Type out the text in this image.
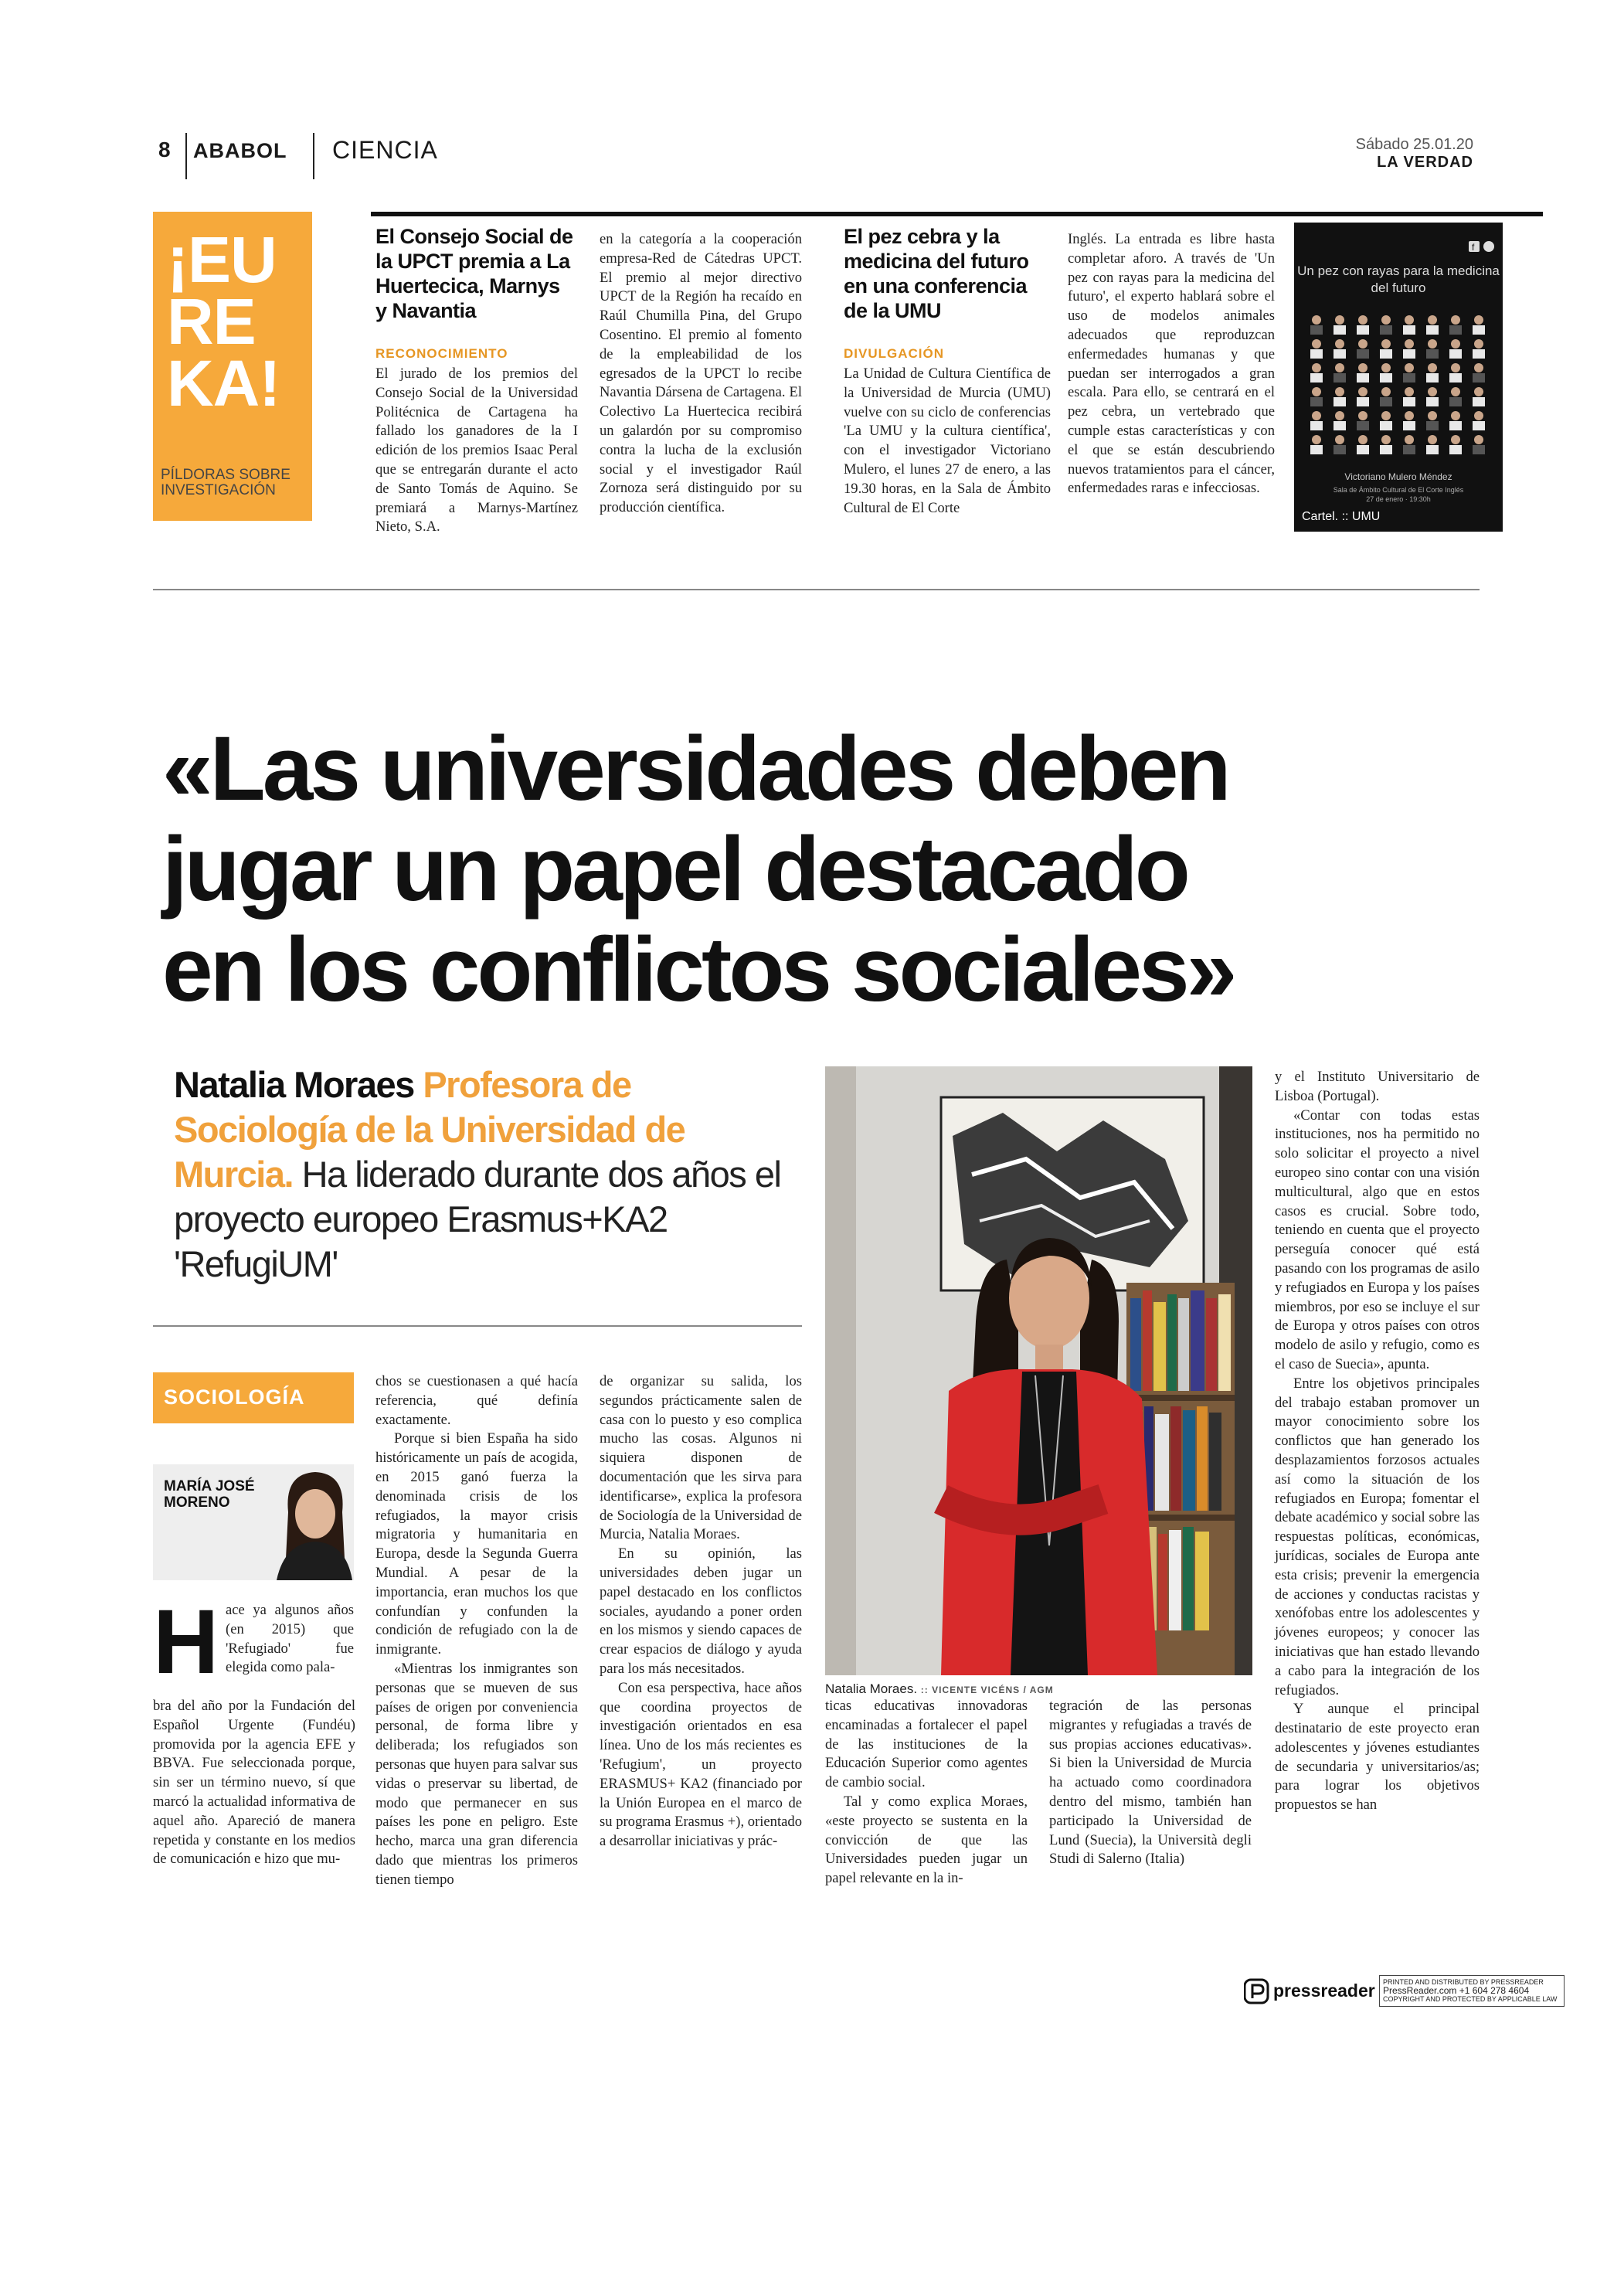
8 ABABOL CIENCIA	Sábado 25.01.20
LA VERDAD
¡EU
RE
KA!
PÍLDORAS SOBRE INVESTIGACIÓN
El Consejo Social de la UPCT premia a La Huertecica, Marnys y Navantia
RECONOCIMIENTO
El jurado de los premios del Consejo Social de la Universidad Politécnica de Cartagena ha fallado los ganadores de la I edición de los premios Isaac Peral que se entregarán durante el acto de Santo Tomás de Aquino. Se premiará a Marnys-Martínez Nieto, S.A.
en la categoría a la cooperación empresa-Red de Cátedras UPCT. El premio al mejor directivo UPCT de la Región ha recaído en Raúl Chumilla Pina, del Grupo Cosentino. El premio al fomento de la empleabilidad de los egresados de la UPCT lo recibe Navantia Dársena de Cartagena. El Colectivo La Huertecica recibirá un galardón por su compromiso contra la lucha de la exclusión social y el investigador Raúl Zornoza será distinguido por su producción científica.
El pez cebra y la medicina del futuro en una conferencia de la UMU
DIVULGACIÓN
La Unidad de Cultura Científica de la Universidad de Murcia (UMU) vuelve con su ciclo de conferencias 'La UMU y la cultura científica', con el investigador Victoriano Mulero, el lunes 27 de enero, a las 19.30 horas, en la Sala de Ámbito Cultural de El Corte
Inglés. La entrada es libre hasta completar aforo. A través de 'Un pez con rayas para la medicina del futuro', el experto hablará sobre el uso de modelos animales adecuados que reproduzcan enfermedades humanas y que puedan ser interrogados a gran escala. Para ello, se centrará en el pez cebra, un vertebrado que cumple estas características y con el que se están descubriendo nuevos tratamientos para el cáncer, enfermedades raras e infecciosas.
f
Un pez con rayas para la medicina del futuro
Victoriano Mulero Méndez
Sala de Ámbito Cultural de El Corte Inglés
27 de enero · 19:30h
Cartel. :: UMU
«Las universidades deben
jugar un papel destacado
en los conflictos sociales»
Natalia Moraes Profesora de Sociología de la Universidad de Murcia. Ha liderado durante dos años el proyecto europeo Erasmus+KA2 'RefugiUM'
Natalia Moraes. :: VICENTE VICÉNS / AGM
SOCIOLOGÍA
MARÍA JOSÉ MORENO
H ace ya algunos años (en 2015) que 'Refugiado' fue elegida como pala-
bra del año por la Fundación del Español Urgente (Fundéu) promovida por la agencia EFE y BBVA. Fue seleccionada porque, sin ser un término nuevo, sí que marcó la actualidad informativa de aquel año. Apareció de manera repetida y constante en los medios de comunicación e hizo que mu-

chos se cuestionasen a qué hacía referencia, qué definía exactamente.

Porque si bien España ha sido históricamente un país de acogida, en 2015 ganó fuerza la denominada crisis de los refugiados, la mayor crisis migratoria y humanitaria en Europa, desde la Segunda Guerra Mundial. A pesar de la importancia, eran muchos los que confundían y confunden la condición de refugiado con la de inmigrante.

«Mientras los inmigrantes son personas que se mueven de sus países de origen por conveniencia personal, de forma libre y deliberada; los refugiados son personas que huyen para salvar sus vidas o preservar su libertad, de modo que permanecer en sus países les pone en peligro. Este hecho, marca una gran diferencia dado que mientras los primeros tienen tiempo

de organizar su salida, los segundos prácticamente salen de casa con lo puesto y eso complica mucho las cosas. Algunos ni siquiera disponen de documentación que les sirva para identificarse», explica la profesora de Sociología de la Universidad de Murcia, Natalia Moraes.

En su opinión, las universidades deben jugar un papel destacado en los conflictos sociales, ayudando a poner orden en los mismos y siendo capaces de crear espacios de diálogo y ayuda para los más necesitados.

Con esa perspectiva, hace años que coordina proyectos de investigación orientados en esa línea. Uno de los más recientes es 'Refugium', un proyecto ERASMUS+ KA2 (financiado por la Unión Europea en el marco de su programa Erasmus +), orientado a desarrollar iniciativas y prác-

ticas educativas innovadoras encaminadas a fortalecer el papel de las instituciones de la Educación Superior como agentes de cambio social.

Tal y como explica Moraes, «este proyecto se sustenta en la convicción de que las Universidades pueden jugar un papel relevante en la in-

tegración de las personas migrantes y refugiadas a través de sus propias acciones educativas». Si bien la Universidad de Murcia ha actuado como coordinadora dentro del mismo, también han participado la Universidad de Lund (Suecia), la Università degli Studi di Salerno (Italia)

y el Instituto Universitario de Lisboa (Portugal).

«Contar con todas estas instituciones, nos ha permitido no solo solicitar el proyecto a nivel europeo sino contar con una visión multicultural, algo que en estos casos es crucial. Sobre todo, teniendo en cuenta que el proyecto perseguía conocer qué está pasando con los programas de asilo y refugiados en Europa y los países miembros, por eso se incluye el sur de Europa y otros países con otros modelo de asilo y refugio, como es el caso de Suecia», apunta.

Entre los objetivos principales del trabajo estaban promover un mayor conocimiento sobre los conflictos que han generado los desplazamientos forzosos actuales así como la situación de los refugiados en Europa; fomentar el debate académico y social sobre las respuestas políticas, económicas, jurídicas, sociales de Europa ante esta crisis; prevenir la emergencia de acciones y conductas racistas y xenófobas entre los adolescentes y jóvenes europeos; y conocer las iniciativas que han estado llevando a cabo para la integración de los refugiados.

Y aunque el principal destinatario de este proyecto eran adolescentes y jóvenes estudiantes de secundaria y universitarios/as; para lograr los objetivos propuestos se han

pressreader PRINTED AND DISTRIBUTED BY PRESSREADER
PressReader.com +1 604 278 4604
COPYRIGHT AND PROTECTED BY APPLICABLE LAW
